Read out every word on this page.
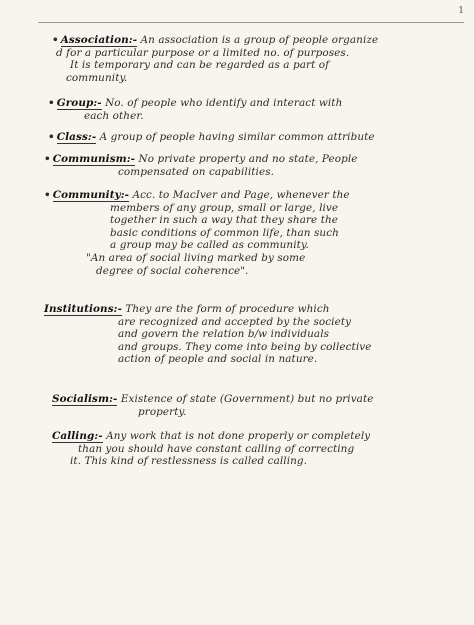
1
• Association:- An association is a group of people organize
d for a particular purpose or a limited no. of purposes.
It is temporary and can be regarded as a part of
community.
• Group:- No. of people who identify and interact with
each other.
• Class:- A group of people having similar common attribute
• Communism:- No private property and no state, People
compensated on capabilities.
• Community:- Acc. to MacIver and Page, whenever the
members of any group, small or large, live
together in such a way that they share the
basic conditions of common life, than such
a group may be called as community.
"An area of social living marked by some
degree of social coherence".
Institutions:- They are the form of procedure which
are recognized and accepted by the society
and govern the relation b/w individuals
and groups. They come into being by collective
action of people and social in nature.
Socialism:- Existence of state (Government) but no private
property.
Calling:- Any work that is not done properly or completely
than you should have constant calling of correcting
it. This kind of restlessness is called calling.
